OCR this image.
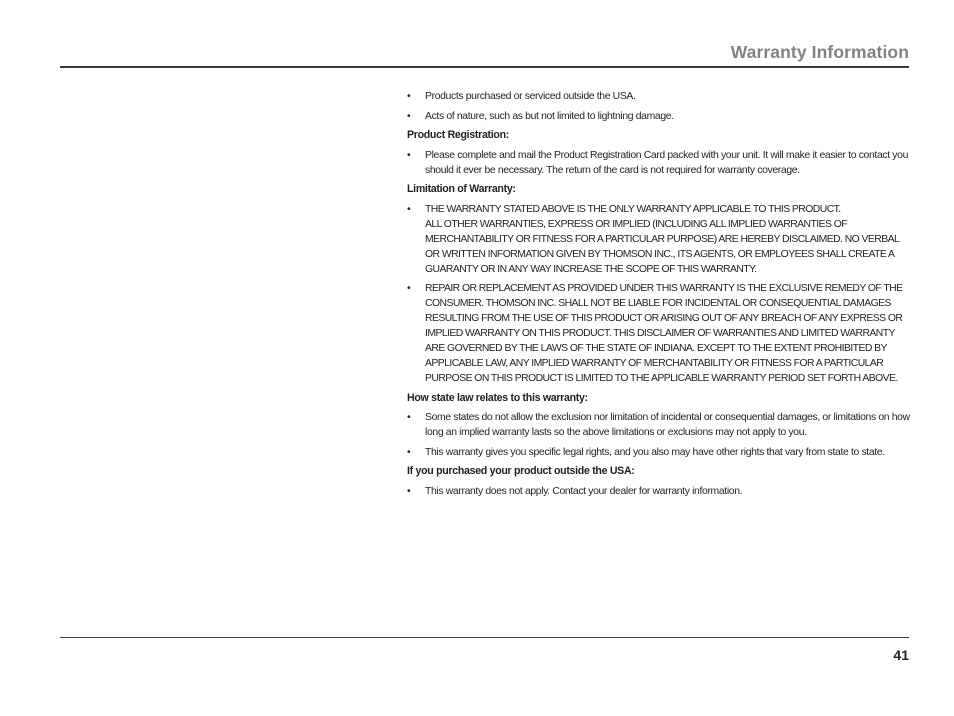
Warranty Information
• Products purchased or serviced outside the USA.
• Acts of nature, such as but not limited to lightning damage.
Product Registration:
• Please complete and mail the Product Registration Card packed with your unit. It will make it easier to contact you should it ever be necessary. The return of the card is not required for warranty coverage.
Limitation of Warranty:
• THE WARRANTY STATED ABOVE IS THE ONLY WARRANTY APPLICABLE TO THIS PRODUCT.
ALL OTHER WARRANTIES, EXPRESS OR IMPLIED (INCLUDING ALL IMPLIED WARRANTIES OF MERCHANTABILITY OR FITNESS FOR A PARTICULAR PURPOSE) ARE HEREBY DISCLAIMED. NO VERBAL OR WRITTEN INFORMATION GIVEN BY THOMSON INC., ITS AGENTS, OR EMPLOYEES SHALL CREATE A GUARANTY OR IN ANY WAY INCREASE THE SCOPE OF THIS WARRANTY.
• REPAIR OR REPLACEMENT AS PROVIDED UNDER THIS WARRANTY IS THE EXCLUSIVE REMEDY OF THE CONSUMER. THOMSON INC. SHALL NOT BE LIABLE FOR INCIDENTAL OR CONSEQUENTIAL DAMAGES RESULTING FROM THE USE OF THIS PRODUCT OR ARISING OUT OF ANY BREACH OF ANY EXPRESS OR IMPLIED WARRANTY ON THIS PRODUCT. THIS DISCLAIMER OF WARRANTIES AND LIMITED WARRANTY ARE GOVERNED BY THE LAWS OF THE STATE OF INDIANA. EXCEPT TO THE EXTENT PROHIBITED BY APPLICABLE LAW, ANY IMPLIED WARRANTY OF MERCHANTABILITY OR FITNESS FOR A PARTICULAR PURPOSE ON THIS PRODUCT IS LIMITED TO THE APPLICABLE WARRANTY PERIOD SET FORTH ABOVE.
How state law relates to this warranty:
• Some states do not allow the exclusion nor limitation of incidental or consequential damages, or limitations on how long an implied warranty lasts so the above limitations or exclusions may not apply to you.
• This warranty gives you specific legal rights, and you also may have other rights that vary from state to state.
If you purchased your product outside the USA:
• This warranty does not apply. Contact your dealer for warranty information.
41
